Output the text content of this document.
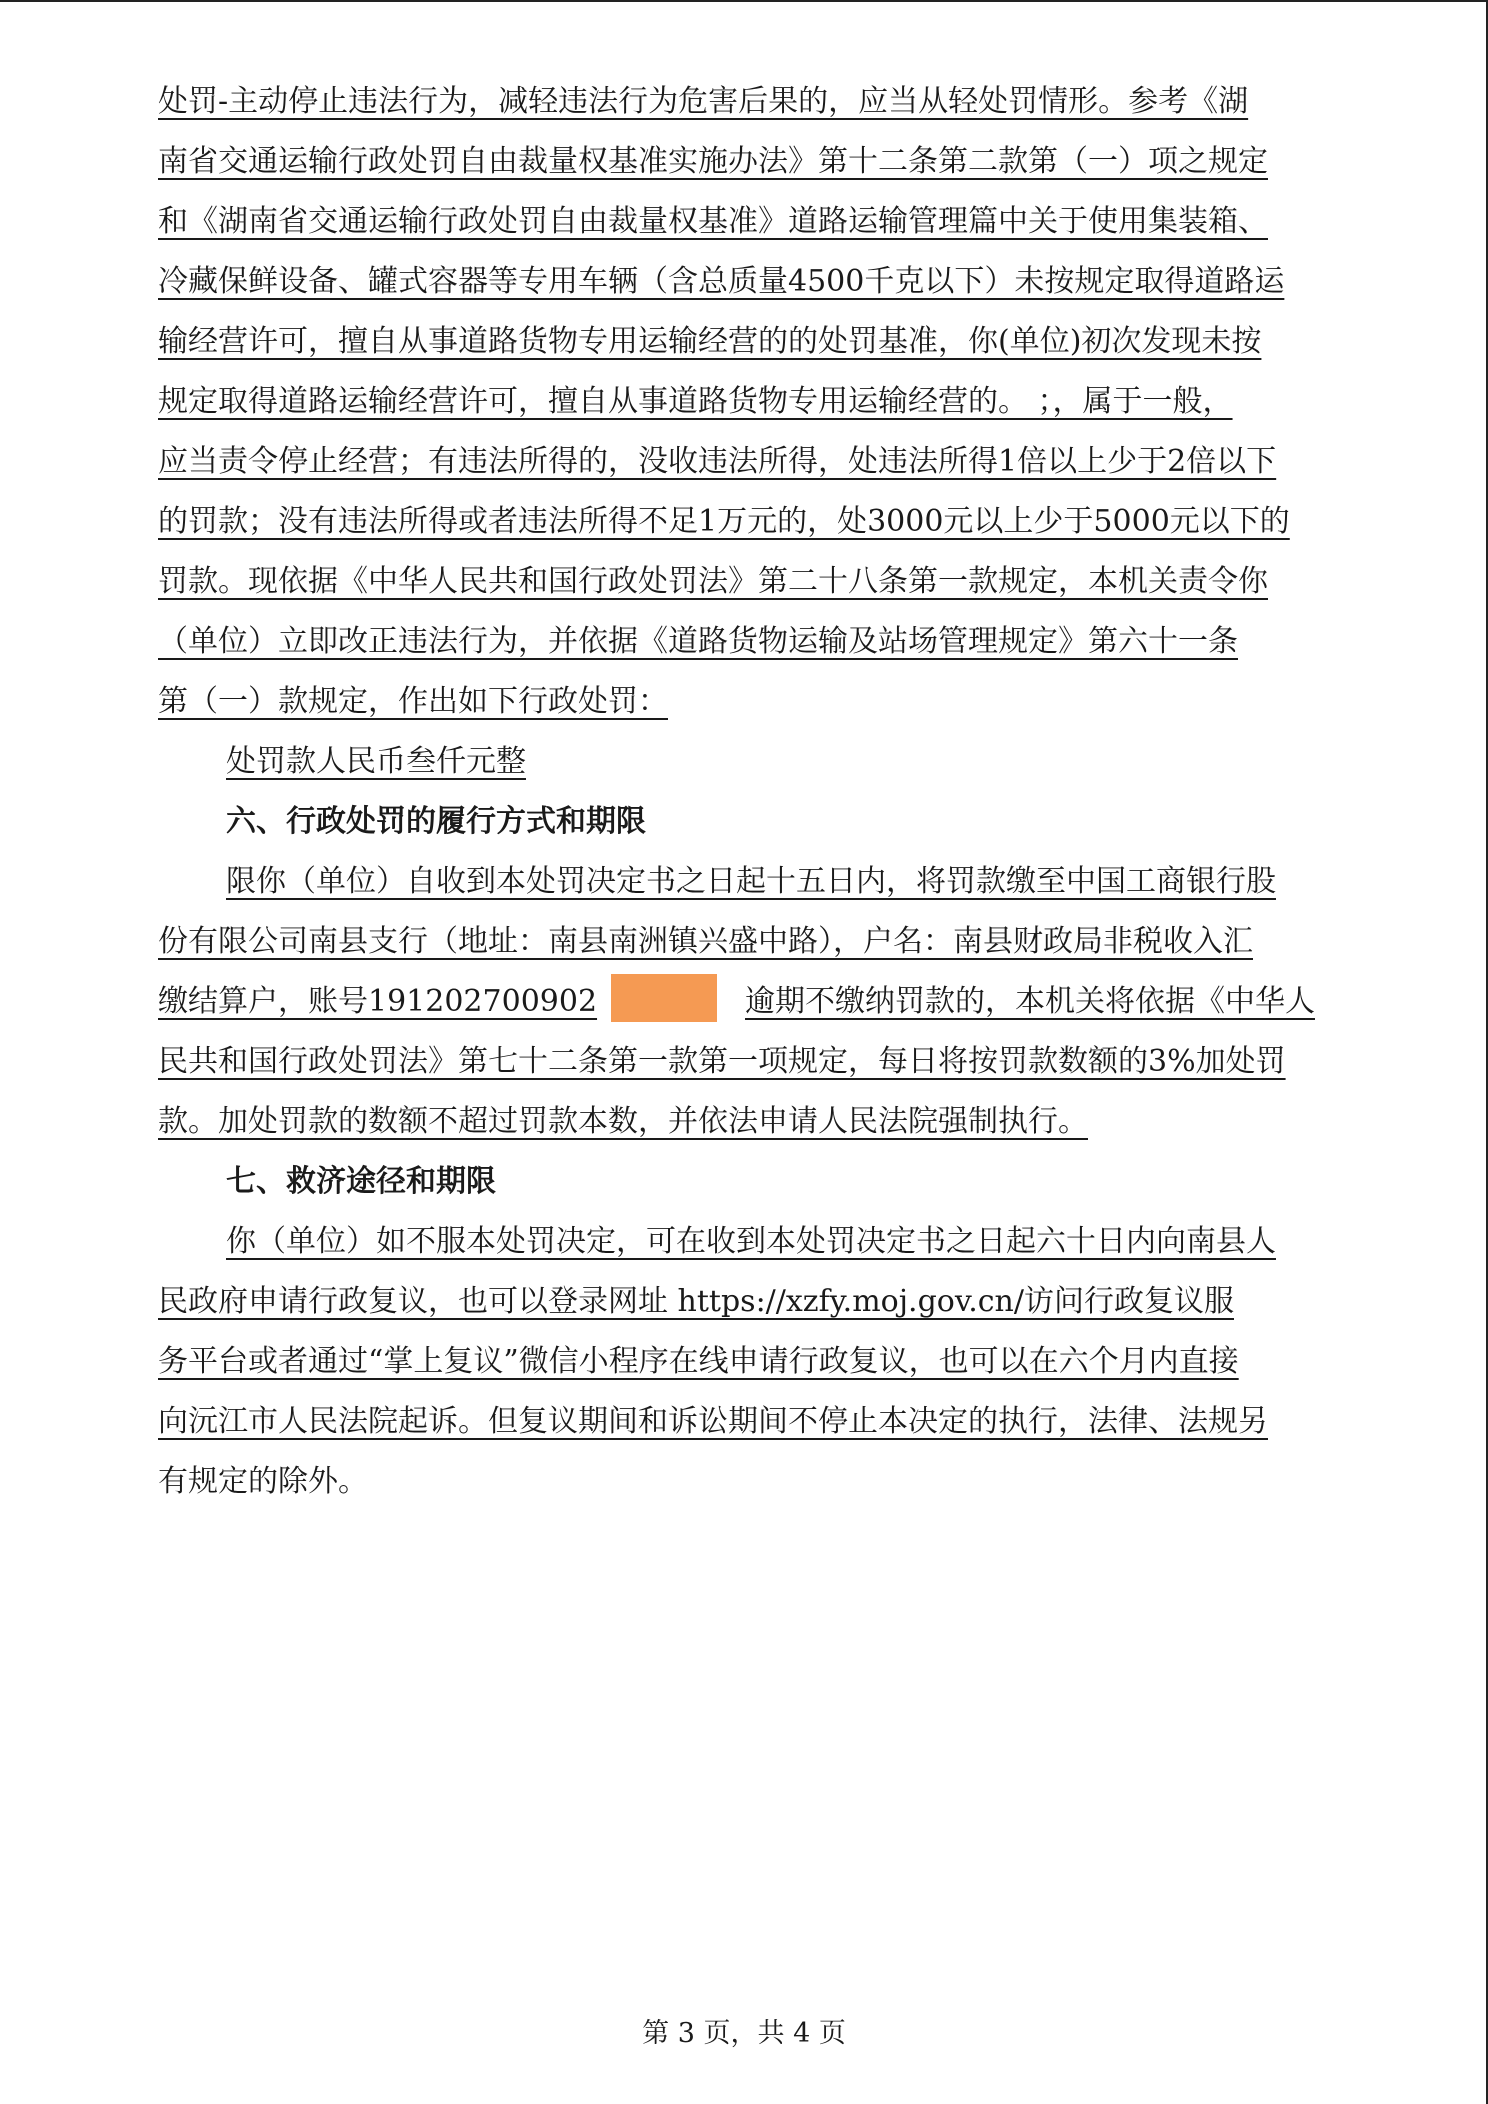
处罚-主动停止违法行为，减轻违法行为危害后果的，应当从轻处罚情形。参考《湖
南省交通运输行政处罚自由裁量权基准实施办法》第十二条第二款第（一）项之规定
和《湖南省交通运输行政处罚自由裁量权基准》道路运输管理篇中关于使用集装箱、
冷藏保鲜设备、罐式容器等专用车辆（含总质量4500千克以下）未按规定取得道路运
输经营许可，擅自从事道路货物专用运输经营的的处罚基准，你(单位)初次发现未按
规定取得道路运输经营许可，擅自从事道路货物专用运输经营的。 ；，属于一般，
应当责令停止经营；有违法所得的，没收违法所得，处违法所得1倍以上少于2倍以下
的罚款；没有违法所得或者违法所得不足1万元的，处3000元以上少于5000元以下的
罚款。现依据《中华人民共和国行政处罚法》第二十八条第一款规定，本机关责令你
（单位）立即改正违法行为，并依据《道路货物运输及站场管理规定》第六十一条
第（一）款规定，作出如下行政处罚：
处罚款人民币叁仟元整
六、行政处罚的履行方式和期限
限你（单位）自收到本处罚决定书之日起十五日内，将罚款缴至中国工商银行股
份有限公司南县支行（地址：南县南洲镇兴盛中路），户名：南县财政局非税收入汇
缴结算户，账号191202700902	逾期不缴纳罚款的，本机关将依据《中华人
民共和国行政处罚法》第七十二条第一款第一项规定，每日将按罚款数额的3%加处罚
款。加处罚款的数额不超过罚款本数，并依法申请人民法院强制执行。
七、救济途径和期限
你（单位）如不服本处罚决定，可在收到本处罚决定书之日起六十日内向南县人
民政府申请行政复议，也可以登录网址 https://xzfy.moj.gov.cn/访问行政复议服
务平台或者通过“掌上复议”微信小程序在线申请行政复议，也可以在六个月内直接
向沅江市人民法院起诉。但复议期间和诉讼期间不停止本决定的执行，法律、法规另
有规定的除外。
第 3 页，共 4 页
